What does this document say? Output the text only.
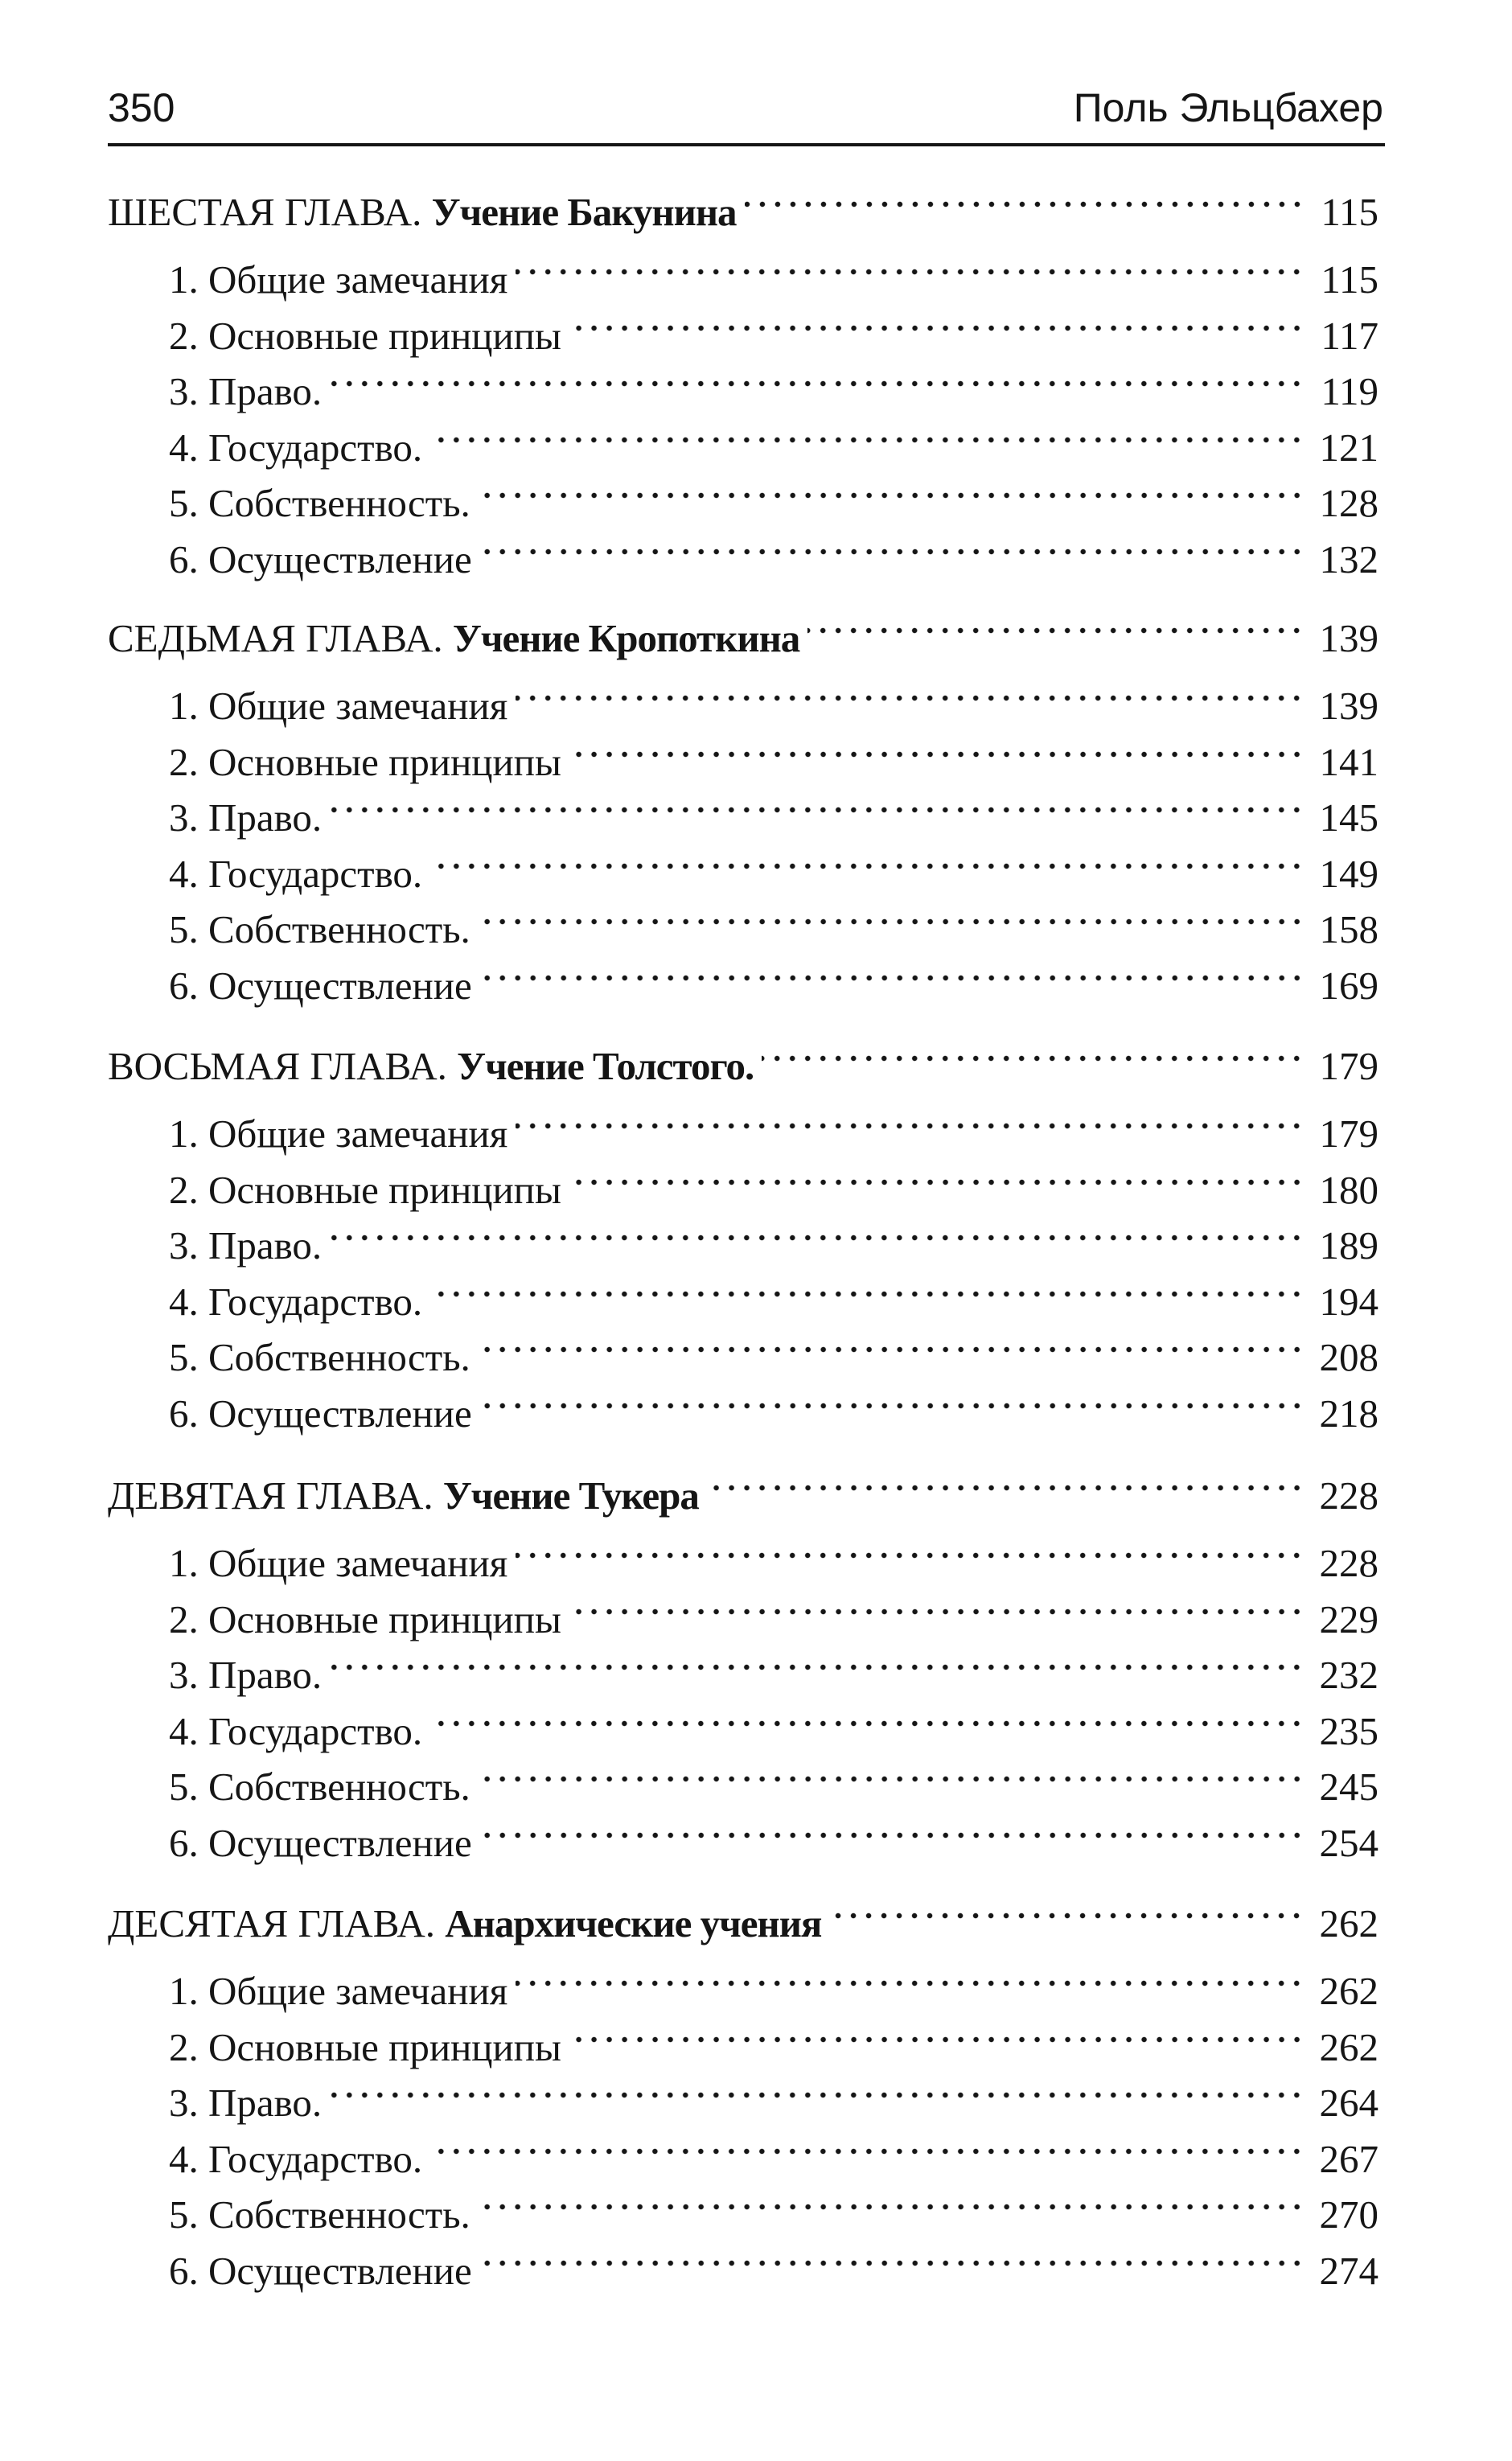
350	Поль Эльцбахер
ШЕСТАЯ ГЛАВА. Учение Бакунина	115
1. Общие замечания	115
2. Основные принципы	117
3. Право.	119
4. Государство.	121
5. Собственность.	128
6. Осуществление	132
СЕДЬМАЯ ГЛАВА. Учение Кропоткина	139
1. Общие замечания	139
2. Основные принципы	141
3. Право.	145
4. Государство.	149
5. Собственность.	158
6. Осуществление	169
ВОСЬМАЯ ГЛАВА. Учение Толстого.	179
1. Общие замечания	179
2. Основные принципы	180
3. Право.	189
4. Государство.	194
5. Собственность.	208
6. Осуществление	218
ДЕВЯТАЯ ГЛАВА. Учение Тукера	228
1. Общие замечания	228
2. Основные принципы	229
3. Право.	232
4. Государство.	235
5. Собственность.	245
6. Осуществление	254
ДЕСЯТАЯ ГЛАВА. Анархические учения	262
1. Общие замечания	262
2. Основные принципы	262
3. Право.	264
4. Государство.	267
5. Собственность.	270
6. Осуществление	274
